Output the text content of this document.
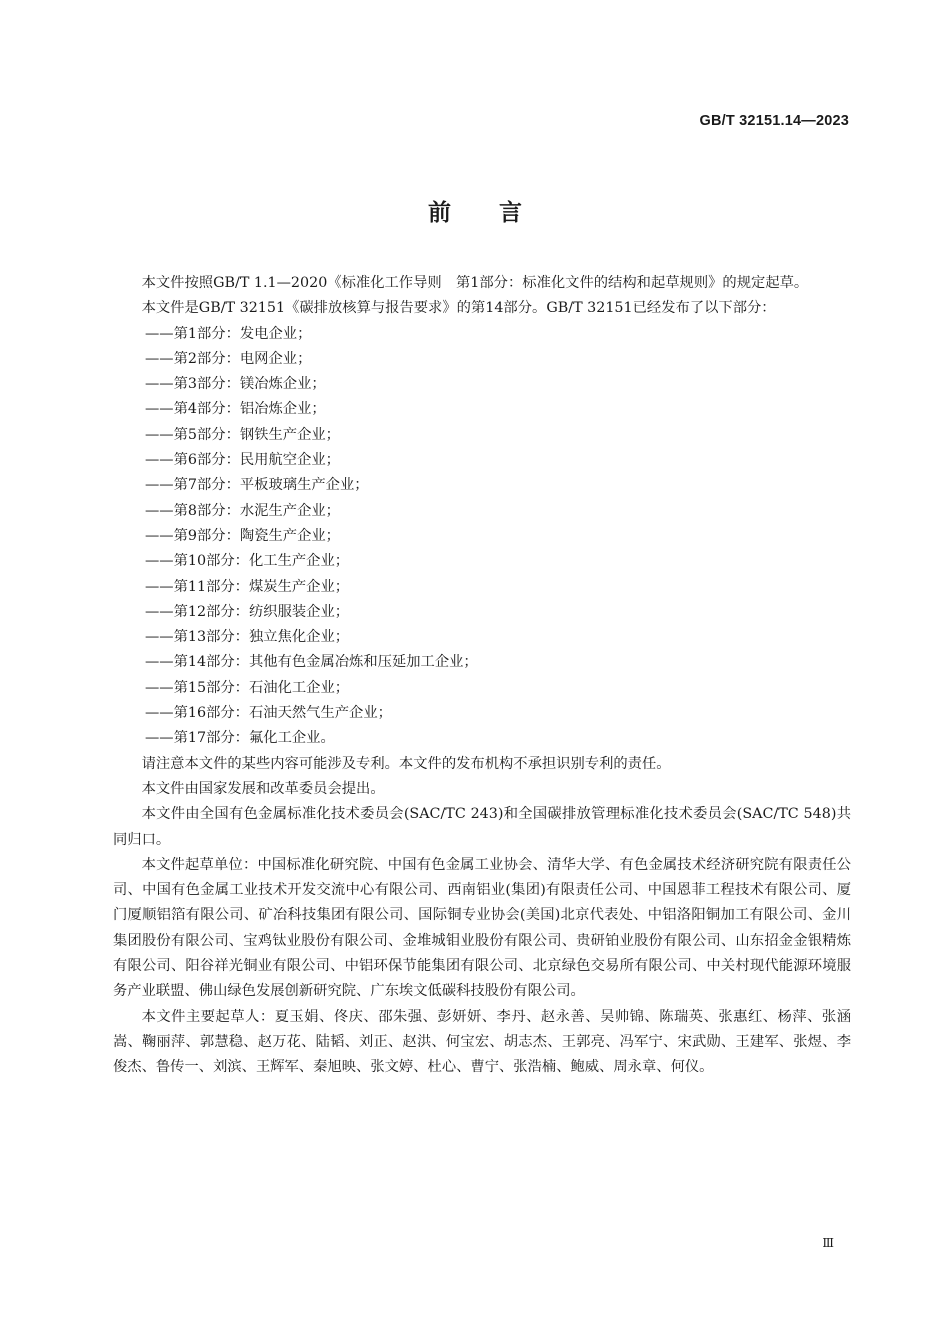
GB/T 32151.14—2023
前 言

本文件按照GB/T 1.1—2020《标准化工作导则　第1部分：标准化文件的结构和起草规则》的规定起草。

本文件是GB/T 32151《碳排放核算与报告要求》的第14部分。GB/T 32151已经发布了以下部分：

——第1部分：发电企业；

——第2部分：电网企业；

——第3部分：镁冶炼企业；

——第4部分：铝冶炼企业；

——第5部分：钢铁生产企业；

——第6部分：民用航空企业；

——第7部分：平板玻璃生产企业；

——第8部分：水泥生产企业；

——第9部分：陶瓷生产企业；

——第10部分：化工生产企业；

——第11部分：煤炭生产企业；

——第12部分：纺织服装企业；

——第13部分：独立焦化企业；

——第14部分：其他有色金属冶炼和压延加工企业；

——第15部分：石油化工企业；

——第16部分：石油天然气生产企业；

——第17部分：氟化工企业。

请注意本文件的某些内容可能涉及专利。本文件的发布机构不承担识别专利的责任。

本文件由国家发展和改革委员会提出。

本文件由全国有色金属标准化技术委员会(SAC/TC 243)和全国碳排放管理标准化技术委员会(SAC/TC 548)共同归口。

本文件起草单位：中国标准化研究院、中国有色金属工业协会、清华大学、有色金属技术经济研究院有限责任公司、中国有色金属工业技术开发交流中心有限公司、西南铝业(集团)有限责任公司、中国恩菲工程技术有限公司、厦门厦顺铝箔有限公司、矿冶科技集团有限公司、国际铜专业协会(美国)北京代表处、中铝洛阳铜加工有限公司、金川集团股份有限公司、宝鸡钛业股份有限公司、金堆城钼业股份有限公司、贵研铂业股份有限公司、山东招金金银精炼有限公司、阳谷祥光铜业有限公司、中铝环保节能集团有限公司、北京绿色交易所有限公司、中关村现代能源环境服务产业联盟、佛山绿色发展创新研究院、广东埃文低碳科技股份有限公司。

本文件主要起草人：夏玉娟、佟庆、邵朱强、彭妍妍、李丹、赵永善、吴帅锦、陈瑞英、张惠红、杨萍、张涵嵩、鞠丽萍、郭慧稳、赵万花、陆韬、刘正、赵洪、何宝宏、胡志杰、王郭亮、冯军宁、宋武勋、王建军、张煜、李俊杰、鲁传一、刘滨、王辉军、秦旭映、张文婷、杜心、曹宁、张浩楠、鲍威、周永章、何仪。

Ⅲ
